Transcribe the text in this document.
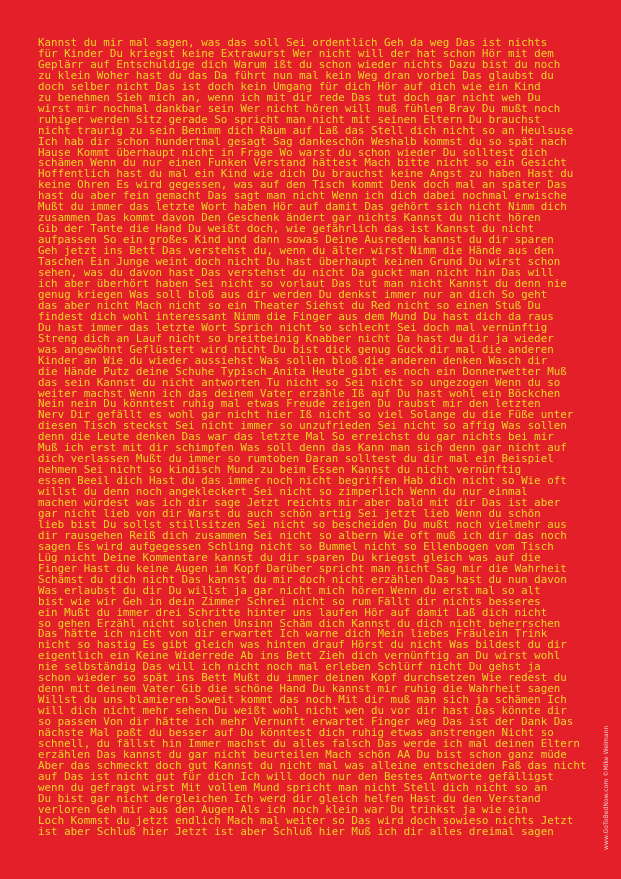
Kannst du mir mal sagen, was das soll Sei ordentlich Geh da weg Das ist nichts
für Kinder Du kriegst keine Extrawurst Wer nicht will der hat schon Hör mit dem
Geplärr auf Entschuldige dich Warum ißt du schon wieder nichts Dazu bist du noch
zu klein Woher hast du das Da führt nun mal kein Weg dran vorbei Das glaubst du
doch selber nicht Das ist doch kein Umgang für dich Hör auf dich wie ein Kind
zu benehmen Sieh mich an, wenn ich mit dir rede Das tut doch gar nicht weh Du
wirst mir nochmal dankbar sein Wer nicht hören will muß fühlen Brav Du mußt noch
ruhiger werden Sitz gerade So spricht man nicht mit seinen Eltern Du brauchst
nicht traurig zu sein Benimm dich Räum auf Laß das Stell dich nicht so an Heulsuse
Ich hab dir schon hundertmal gesagt Sag dankeschön Weshalb kommst du so spät nach
Hause Kommt überhaupt nicht in Frage Wo warst du schon wieder Du solltest dich
schämen Wenn du nur einen Funken Verstand hättest Mach bitte nicht so ein Gesicht
Hoffentlich hast du mal ein Kind wie dich Du brauchst keine Angst zu haben Hast du
keine Ohren Es wird gegessen, was auf den Tisch kommt Denk doch mal an später Das
hast du aber fein gemacht Das sagt man nicht Wenn ich dich dabei nochmal erwische
Mußt du immer das letzte Wort haben Hör auf damit Das gehört sich nicht Nimm dich
zusammen Das kommt davon Den Geschenk ändert gar nichts Kannst du nicht hören
Gib der Tante die Hand Du weißt doch, wie gefährlich das ist Kannst du nicht
aufpassen So ein großes Kind und dann sowas Deine Ausreden kannst du dir sparen
Geh jetzt ins Bett Das verstehst du, wenn du älter wirst Nimm die Hände aus den
Taschen Ein Junge weint doch nicht Du hast überhaupt keinen Grund Du wirst schon
sehen, was du davon hast Das verstehst du nicht Da guckt man nicht hin Das will
ich aber überhört haben Sei nicht so vorlaut Das tut man nicht Kannst du denn nie
genug kriegen Was soll bloß aus dir werden Du denkst immer nur an dich So geht
das aber nicht Mach nicht so ein Theater Siehst du Red nicht so einen Stuß Du
findest dich wohl interessant Nimm die Finger aus dem Mund Du hast dich da raus
Du hast immer das letzte Wort Sprich nicht so schlecht Sei doch mal vernünftig
Streng dich an Lauf nicht so breitbeinig Knabber nicht Da hast du dir ja wieder
was angewöhnt Geflüstert wird nicht Du bist dick genug Guck dir mal die anderen
Kinder an Wie du wieder aussiehst Was sollen bloß die anderen denken Wasch dir
die Hände Putz deine Schuhe Typisch Anita Heute gibt es noch ein Donnerwetter Muß
das sein Kannst du nicht antworten Tu nicht so Sei nicht so ungezogen Wenn du so
weiter machst Wenn ich das deinem Vater erzähle Iß auf Du hast wohl ein Böckchen
Nein nein Du könntest ruhig mal etwas Freude zeigen Du raubst mir den letzten
Nerv Dir gefällt es wohl gar nicht hier Iß nicht so viel Solange du die Füße unter
diesen Tisch steckst Sei nicht immer so unzufrieden Sei nicht so affig Was sollen
denn die Leute denken Das war das letzte Mal So erreichst du gar nichts bei mir
Muß ich erst mit dir schimpfen Was soll denn das Kann man sich denn gar nicht auf
dich verlassen Mußt du immer so rumtoben Daran solltest du dir mal ein Beispiel
nehmen Sei nicht so kindisch Mund zu beim Essen Kannst du nicht vernünftig
essen Beeil dich Hast du das immer noch nicht begriffen Hab dich nicht so Wie oft
willst du denn noch angekleckert Sei nicht so zimperlich Wenn du nur einmal
machen würdest was ich dir sage Jetzt reichts mir aber bald mit dir Das ist aber
gar nicht lieb von dir Warst du auch schön artig Sei jetzt lieb Wenn du schön
lieb bist Du sollst stillsitzen Sei nicht so bescheiden Du mußt noch vielmehr aus
dir rausgehen Reiß dich zusammen Sei nicht so albern Wie oft muß ich dir das noch
sagen Es wird aufgegessen Schling nicht so Bummel nicht so Ellenbogen vom Tisch
Lüg nicht Deine Kommentare kannst du dir sparen Du kriegst gleich was auf die
Finger Hast du keine Augen im Kopf Darüber spricht man nicht Sag mir die Wahrheit
Schämst du dich nicht Das kannst du mir doch nicht erzählen Das hast du nun davon
Was erlaubst du dir Du willst ja gar nicht mich hören Wenn du erst mal so alt
bist wie wir Geh in dein Zimmer Schrei nicht so rum Fällt dir nichts besseres
ein Mußt du immer drei Schritte hinter uns laufen Hör auf damit Laß dich nicht
so gehen Erzähl nicht solchen Unsinn Schäm dich Kannst du dich nicht beherrschen
Das hätte ich nicht von dir erwartet Ich warne dich Mein liebes Fräulein Trink
nicht so hastig Es gibt gleich was hinten drauf Hörst du nicht Was bildest du dir
eigentlich ein Keine Widerrede Ab ins Bett Zieh dich vernünftig an Du wirst wohl
nie selbständig Das will ich nicht noch mal erleben Schlürf nicht Du gehst ja
schon wieder so spät ins Bett Mußt du immer deinen Kopf durchsetzen Wie redest du
denn mit deinem Vater Gib die schöne Hand Du kannst mir ruhig die Wahrheit sagen
Willst du uns blamieren Soweit kommt das noch Mit dir muß man sich ja schämen Ich
will dich nicht mehr sehen Du weißt wohl nicht wen du vor dir hast Das könnte dir
so passen Von dir hätte ich mehr Vernunft erwartet Finger weg Das ist der Dank Das
nächste Mal paßt du besser auf Du könntest dich ruhig etwas anstrengen Nicht so
schnell, du fällst hin Immer machst du alles falsch Das werde ich mal deinen Eltern
erzählen Das kannst du gar nicht beurteilen Mach schön AA Du bist schon ganz müde
Aber das schmeckt doch gut Kannst du nicht mal was alleine entscheiden Faß das nicht
auf Das ist nicht gut für dich Ich will doch nur den Bestes Antworte gefälligst
wenn du gefragt wirst Mit vollem Mund spricht man nicht Stell dich nicht so an
Du bist gar nicht dergleichen Ich werd dir gleich helfen Hast du den Verstand
verloren Geh mir aus den Augen Als ich noch klein war Du trinkst ja wie ein
Loch Kommst du jetzt endlich Mach mal weiter so Das wird doch sowieso nichts Jetzt
ist aber Schluß hier Jetzt ist aber Schluß hier Muß ich dir alles dreimal sagen	www.GoToBedNow.com ©Mike Weimann
